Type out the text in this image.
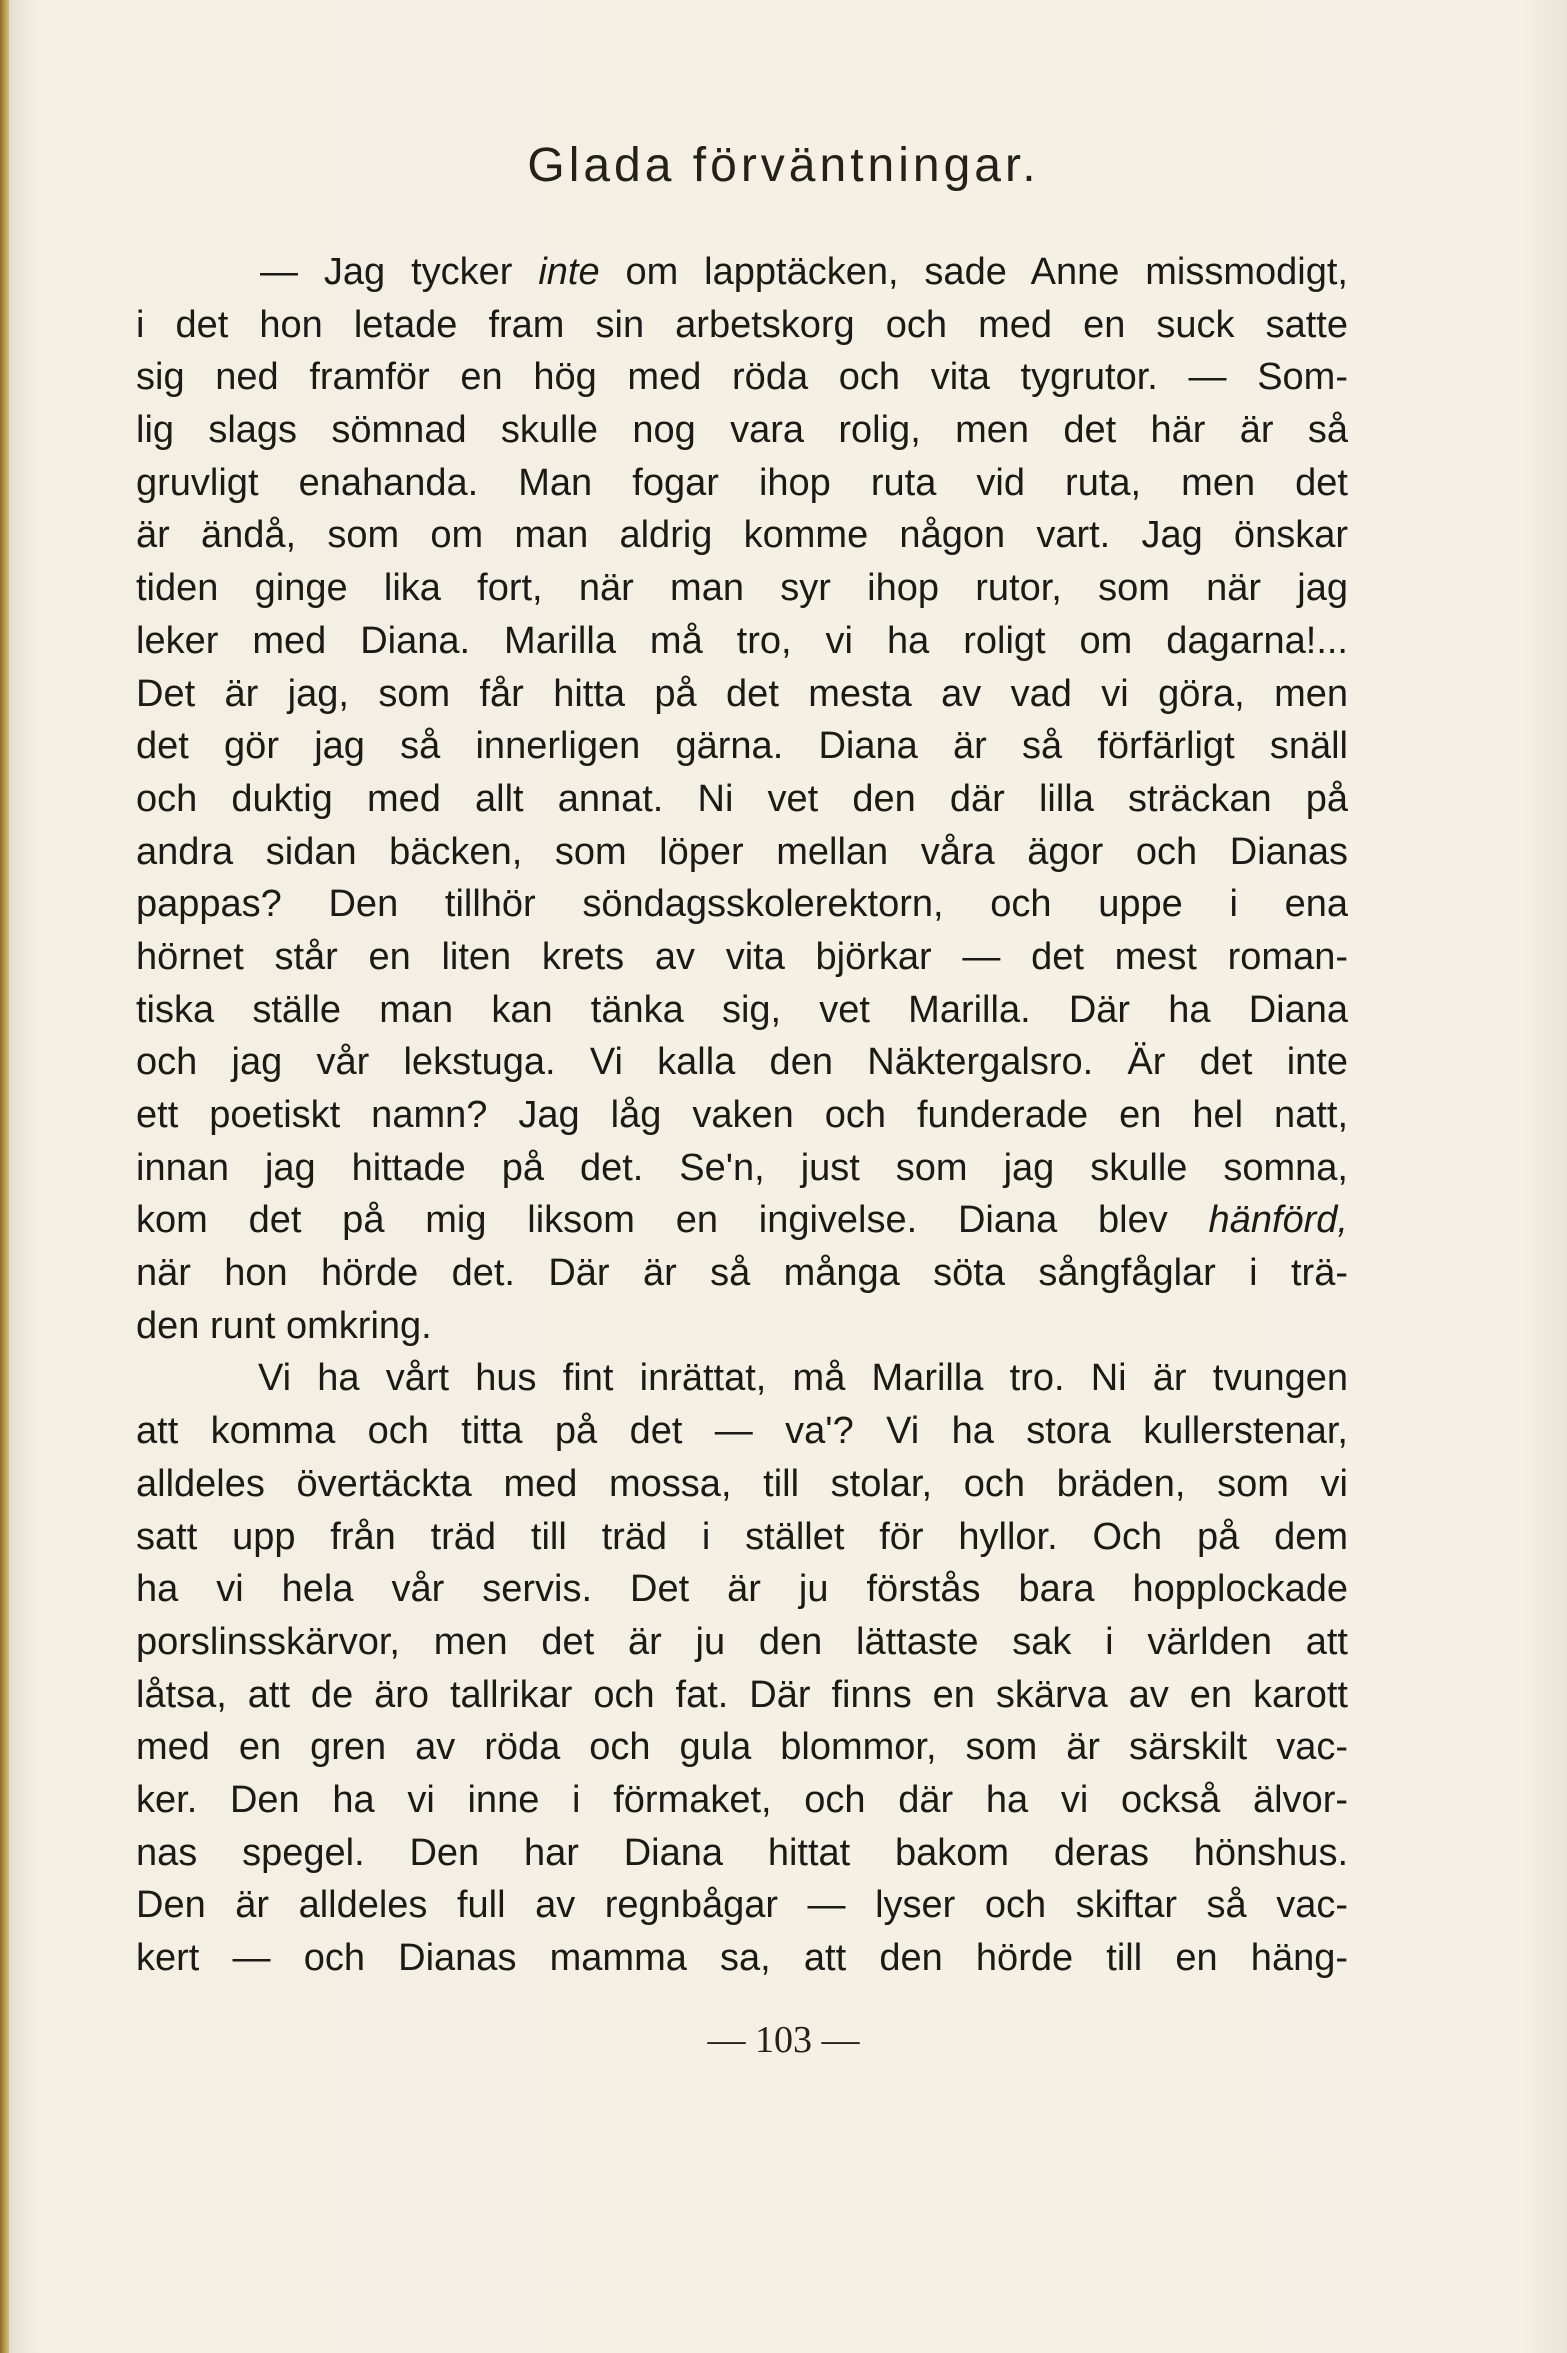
Glada förväntningar.
— Jag tycker inte om lapptäcken, sade Anne missmodigt,
i det hon letade fram sin arbetskorg och med en suck satte
sig ned framför en hög med röda och vita tygrutor. — Som-
lig slags sömnad skulle nog vara rolig, men det här är så
gruvligt enahanda. Man fogar ihop ruta vid ruta, men det
är ändå, som om man aldrig komme någon vart. Jag önskar
tiden ginge lika fort, när man syr ihop rutor, som när jag
leker med Diana. Marilla må tro, vi ha roligt om dagarna!...
Det är jag, som får hitta på det mesta av vad vi göra, men
det gör jag så innerligen gärna. Diana är så förfärligt snäll
och duktig med allt annat. Ni vet den där lilla sträckan på
andra sidan bäcken, som löper mellan våra ägor och Dianas
pappas? Den tillhör söndagsskolerektorn, och uppe i ena
hörnet står en liten krets av vita björkar — det mest roman-
tiska ställe man kan tänka sig, vet Marilla. Där ha Diana
och jag vår lekstuga. Vi kalla den Näktergalsro. Är det inte
ett poetiskt namn? Jag låg vaken och funderade en hel natt,
innan jag hittade på det. Se'n, just som jag skulle somna,
kom det på mig liksom en ingivelse. Diana blev hänförd,
när hon hörde det. Där är så många söta sångfåglar i trä-
den runt omkring.
Vi ha vårt hus fint inrättat, må Marilla tro. Ni är tvungen
att komma och titta på det — va'? Vi ha stora kullerstenar,
alldeles övertäckta med mossa, till stolar, och bräden, som vi
satt upp från träd till träd i stället för hyllor. Och på dem
ha vi hela vår servis. Det är ju förstås bara hopplockade
porslinsskärvor, men det är ju den lättaste sak i världen att
låtsa, att de äro tallrikar och fat. Där finns en skärva av en karott
med en gren av röda och gula blommor, som är särskilt vac-
ker. Den ha vi inne i förmaket, och där ha vi också älvor-
nas spegel. Den har Diana hittat bakom deras hönshus.
Den är alldeles full av regnbågar — lyser och skiftar så vac-
kert — och Dianas mamma sa, att den hörde till en häng-
— 103 —
